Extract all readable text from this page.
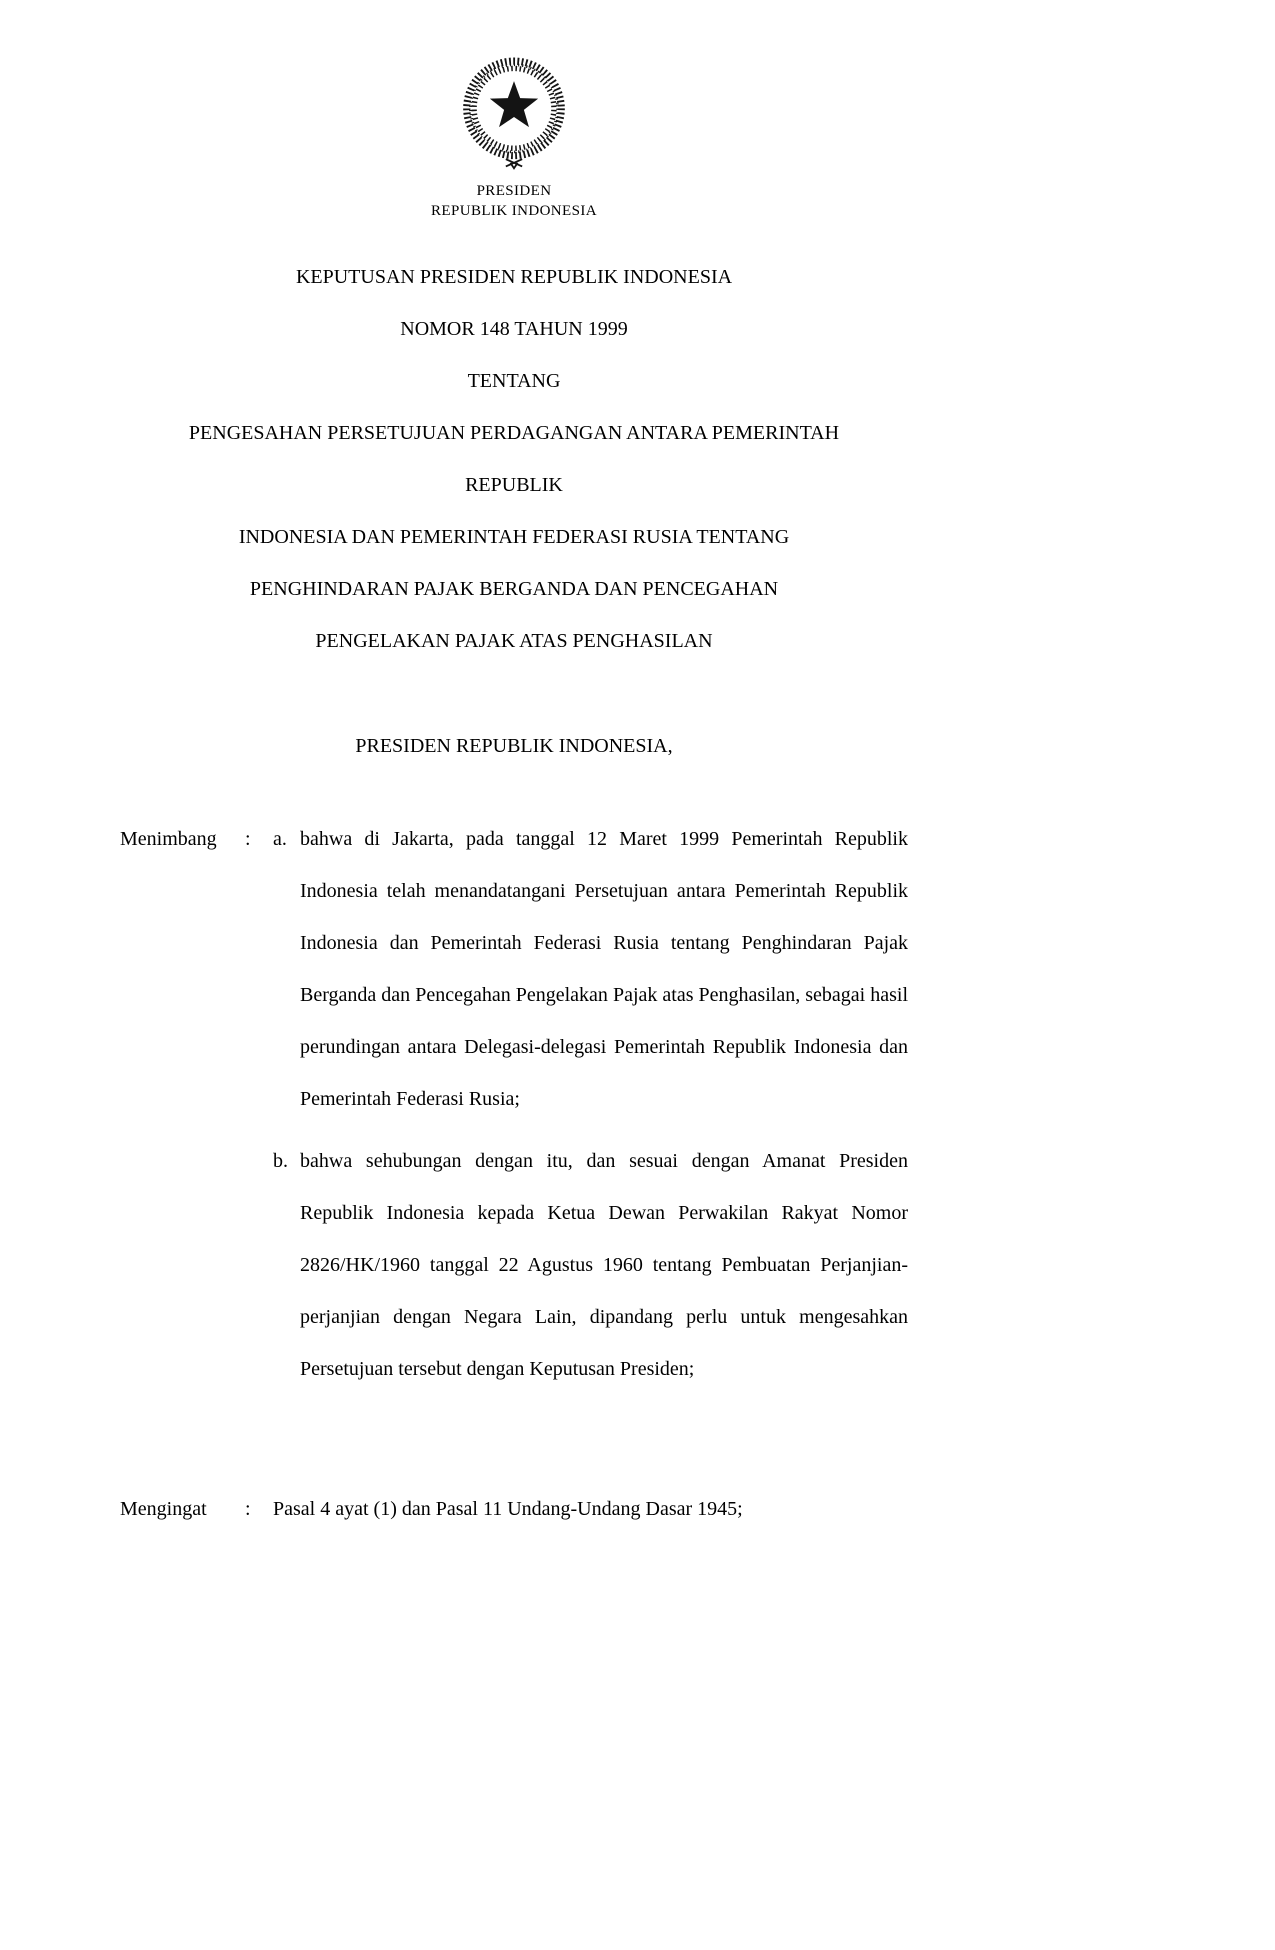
PRESIDEN
REPUBLIK INDONESIA
KEPUTUSAN PRESIDEN REPUBLIK INDONESIA
NOMOR 148 TAHUN 1999
TENTANG
PENGESAHAN PERSETUJUAN PERDAGANGAN ANTARA PEMERINTAH
REPUBLIK
INDONESIA DAN PEMERINTAH FEDERASI RUSIA TENTANG
PENGHINDARAN PAJAK BERGANDA DAN PENCEGAHAN
PENGELAKAN PAJAK ATAS PENGHASILAN
PRESIDEN REPUBLIK INDONESIA,
Menimbang	:	a. bahwa di Jakarta, pada tanggal 12 Maret 1999 Pemerintah Republik Indonesia telah menandatangani Persetujuan antara Pemerintah Republik Indonesia dan Pemerintah Federasi Rusia tentang Penghindaran Pajak Berganda dan Pencegahan Pengelakan Pajak atas Penghasilan, sebagai hasil perundingan antara Delegasi-delegasi Pemerintah Republik Indonesia dan Pemerintah Federasi Rusia;
b. bahwa sehubungan dengan itu, dan sesuai dengan Amanat Presiden Republik Indonesia kepada Ketua Dewan Perwakilan Rakyat Nomor 2826/HK/1960 tanggal 22 Agustus 1960 tentang Pembuatan Perjanjian-perjanjian dengan Negara Lain, dipandang perlu untuk mengesahkan Persetujuan tersebut dengan Keputusan Presiden;
Mengingat	:	Pasal 4 ayat (1) dan Pasal 11 Undang-Undang Dasar 1945;
